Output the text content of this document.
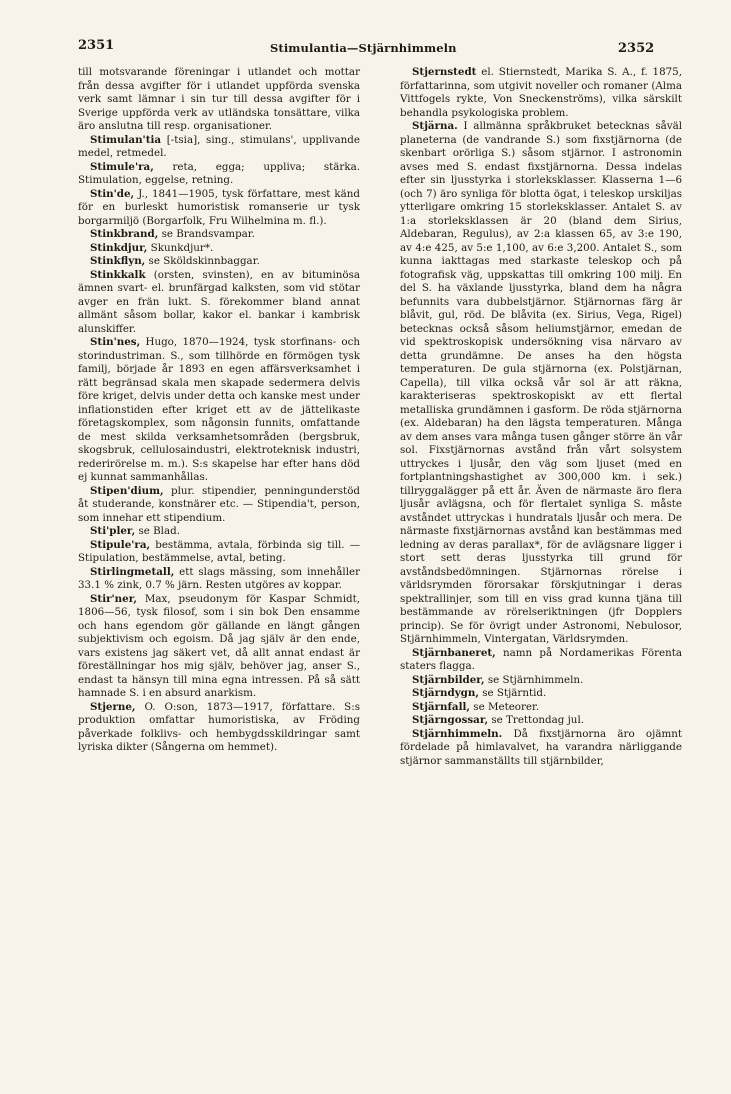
2351	Stimulantia—Stjärnhimmeln	2352

till motsvarande föreningar i utlandet och mottar från dessa avgifter för i utlandet uppförda svenska verk samt lämnar i sin tur till dessa avgifter för i Sverige uppförda verk av utländska tonsättare, vilka äro anslutna till resp. organisationer.

Stimulan'tia [-tsia], sing., stimulans', upplivande medel, retmedel.

Stimule'ra, reta, egga; uppliva; stärka. Stimulation, eggelse, retning.

Stin'de, J., 1841—1905, tysk författare, mest känd för en burleskt humoristisk romanserie ur tysk borgarmiljö (Borgarfolk, Fru Wilhelmina m. fl.).

Stinkbrand, se Brandsvampar.

Stinkdjur, Skunkdjur*.

Stinkflyn, se Sköldskinnbaggar.

Stinkkalk (orsten, svinsten), en av bituminösa ämnen svart- el. brunfärgad kalksten, som vid stötar avger en frän lukt. S. förekommer bland annat allmänt såsom bollar, kakor el. bankar i kambrisk alunskiffer.

Stin'nes, Hugo, 1870—1924, tysk storfinans- och storindustriman. S., som tillhörde en förmögen tysk familj, började år 1893 en egen affärsverksamhet i rätt begränsad skala men skapade sedermera delvis före kriget, delvis under detta och kanske mest under inflationstiden efter kriget ett av de jättelikaste företagskomplex, som någonsin funnits, omfattande de mest skilda verksamhetsområden (bergsbruk, skogsbruk, cellulosaindustri, elektroteknisk industri, rederirörelse m. m.). S:s skapelse har efter hans död ej kunnat sammanhållas.

Stipen'dium, plur. stipendier, penningunderstöd åt studerande, konstnärer etc. — Stipendia't, person, som innehar ett stipendium.

Sti'pler, se Blad.

Stipule'ra, bestämma, avtala, förbinda sig till. — Stipulation, bestämmelse, avtal, beting.

Stirlingmetall, ett slags mässing, som innehåller 33.1 % zink, 0.7 % järn. Resten utgöres av koppar.

Stir'ner, Max, pseudonym för Kaspar Schmidt, 1806—56, tysk filosof, som i sin bok Den ensamme och hans egendom gör gällande en längt gången subjektivism och egoism. Då jag själv är den ende, vars existens jag säkert vet, då allt annat endast är föreställningar hos mig själv, behöver jag, anser S., endast ta hänsyn till mina egna intressen. På så sätt hamnade S. i en absurd anarkism.

Stjerne, O. O:son, 1873—1917, författare. S:s produktion omfattar humoristiska, av Fröding påverkade folklivs- och hembygdsskildringar samt lyriska dikter (Sångerna om hemmet).

Stjernstedt el. Stiernstedt, Marika S. A., f. 1875, författarinna, som utgivit noveller och romaner (Alma Vittfogels rykte, Von Sneckenströms), vilka särskilt behandla psykologiska problem.

Stjärna. I allmänna språkbruket betecknas såväl planeterna (de vandrande S.) som fixstjärnorna (de skenbart orörliga S.) såsom stjärnor. I astronomin avses med S. endast fixstjärnorna. Dessa indelas efter sin ljusstyrka i storleksklasser. Klasserna 1—6 (och 7) äro synliga för blotta ögat, i teleskop urskiljas ytterligare omkring 15 storleksklasser. Antalet S. av 1:a storleksklassen är 20 (bland dem Sirius, Aldebaran, Regulus), av 2:a klassen 65, av 3:e 190, av 4:e 425, av 5:e 1,100, av 6:e 3,200. Antalet S., som kunna iakttagas med starkaste teleskop och på fotografisk väg, uppskattas till omkring 100 milj. En del S. ha växlande ljusstyrka, bland dem ha några befunnits vara dubbelstjärnor. Stjärnornas färg är blåvit, gul, röd. De blåvita (ex. Sirius, Vega, Rigel) betecknas också såsom heliumstjärnor, emedan de vid spektroskopisk undersökning visa närvaro av detta grundämne. De anses ha den högsta temperaturen. De gula stjärnorna (ex. Polstjärnan, Capella), till vilka också vår sol är att räkna, karakteriseras spektroskopiskt av ett flertal metalliska grundämnen i gasform. De röda stjärnorna (ex. Aldebaran) ha den lägsta temperaturen. Många av dem anses vara många tusen gånger större än vår sol. Fixstjärnornas avstånd från vårt solsystem uttryckes i ljusår, den väg som ljuset (med en fortplantningshastighet av 300,000 km. i sek.) tillryggalägger på ett år. Även de närmaste äro flera ljusår avlägsna, och för flertalet synliga S. måste avståndet uttryckas i hundratals ljusår och mera. De närmaste fixstjärnornas avstånd kan bestämmas med ledning av deras parallax*, för de avlägsnare ligger i stort sett deras ljusstyrka till grund för avståndsbedömningen. Stjärnornas rörelse i världsrymden förorsakar förskjutningar i deras spektrallinjer, som till en viss grad kunna tjäna till bestämmande av rörelseriktningen (jfr Dopplers princip). Se för övrigt under Astronomi, Nebulosor, Stjärnhimmeln, Vintergatan, Världsrymden.

Stjärnbaneret, namn på Nordamerikas Förenta staters flagga.

Stjärnbilder, se Stjärnhimmeln.

Stjärndygn, se Stjärntid.

Stjärnfall, se Meteorer.

Stjärngossar, se Trettondag jul.

Stjärnhimmeln. Då fixstjärnorna äro ojämnt fördelade på himlavalvet, ha varandra närliggande stjärnor sammanställts till stjärnbilder,
